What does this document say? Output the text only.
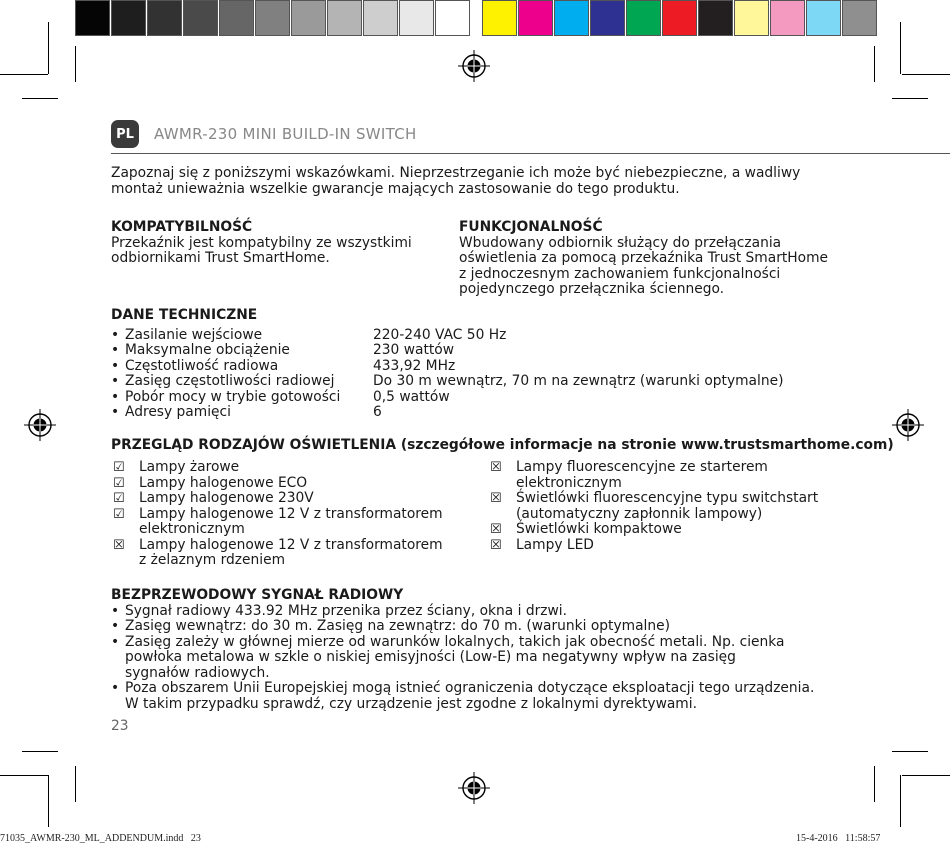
PL	AWMR-230 MINI BUILD-IN SWITCH
Zapoznaj się z poniższymi wskazówkami. Nieprzestrzeganie ich może być niebezpieczne, a wadliwy
montaż unieważnia wszelkie gwarancje mających zastosowanie do tego produktu.
KOMPATYBILNOŚĆ
Przekaźnik jest kompatybilny ze wszystkimi
odbiornikami Trust SmartHome.
FUNKCJONALNOŚĆ
Wbudowany odbiornik służący do przełączania
oświetlenia za pomocą przekaźnika Trust SmartHome
z jednoczesnym zachowaniem funkcjonalności
pojedynczego przełącznika ściennego.
DANE TECHNICZNE
• Zasilanie wejściowe	220-240 VAC 50 Hz
• Maksymalne obciążenie	230 wattów
• Częstotliwość radiowa	433,92 MHz
• Zasięg częstotliwości radiowej	Do 30 m wewnątrz, 70 m na zewnątrz (warunki optymalne)
• Pobór mocy w trybie gotowości	0,5 wattów
• Adresy pamięci	6
PRZEGLĄD RODZAJÓW OŚWIETLENIA (szczegółowe informacje na stronie www.trustsmarthome.com)
☑	Lampy żarowe
☑	Lampy halogenowe ECO
☑	Lampy halogenowe 230V
☑	Lampy halogenowe 12 V z transformatorem
elektronicznym
☒	Lampy halogenowe 12 V z transformatorem
z żelaznym rdzeniem
☒	Lampy fluorescencyjne ze starterem
elektronicznym
☒	Świetlówki fluorescencyjne typu switchstart
(automatyczny zapłonnik lampowy)
☒	Świetlówki kompaktowe
☒	Lampy LED
BEZPRZEWODOWY SYGNAŁ RADIOWY
• Sygnał radiowy 433.92 MHz przenika przez ściany, okna i drzwi.
• Zasięg wewnątrz: do 30 m. Zasięg na zewnątrz: do 70 m. (warunki optymalne)
• Zasięg zależy w głównej mierze od warunków lokalnych, takich jak obecność metali. Np. cienka
powłoka metalowa w szkle o niskiej emisyjności (Low-E) ma negatywny wpływ na zasięg
sygnałów radiowych.
• Poza obszarem Unii Europejskiej mogą istnieć ograniczenia dotyczące eksploatacji tego urządzenia.
W takim przypadku sprawdź, czy urządzenie jest zgodne z lokalnymi dyrektywami.
23
71035_AWMR-230_ML_ADDENDUM.indd   23	15-4-2016   11:58:57
